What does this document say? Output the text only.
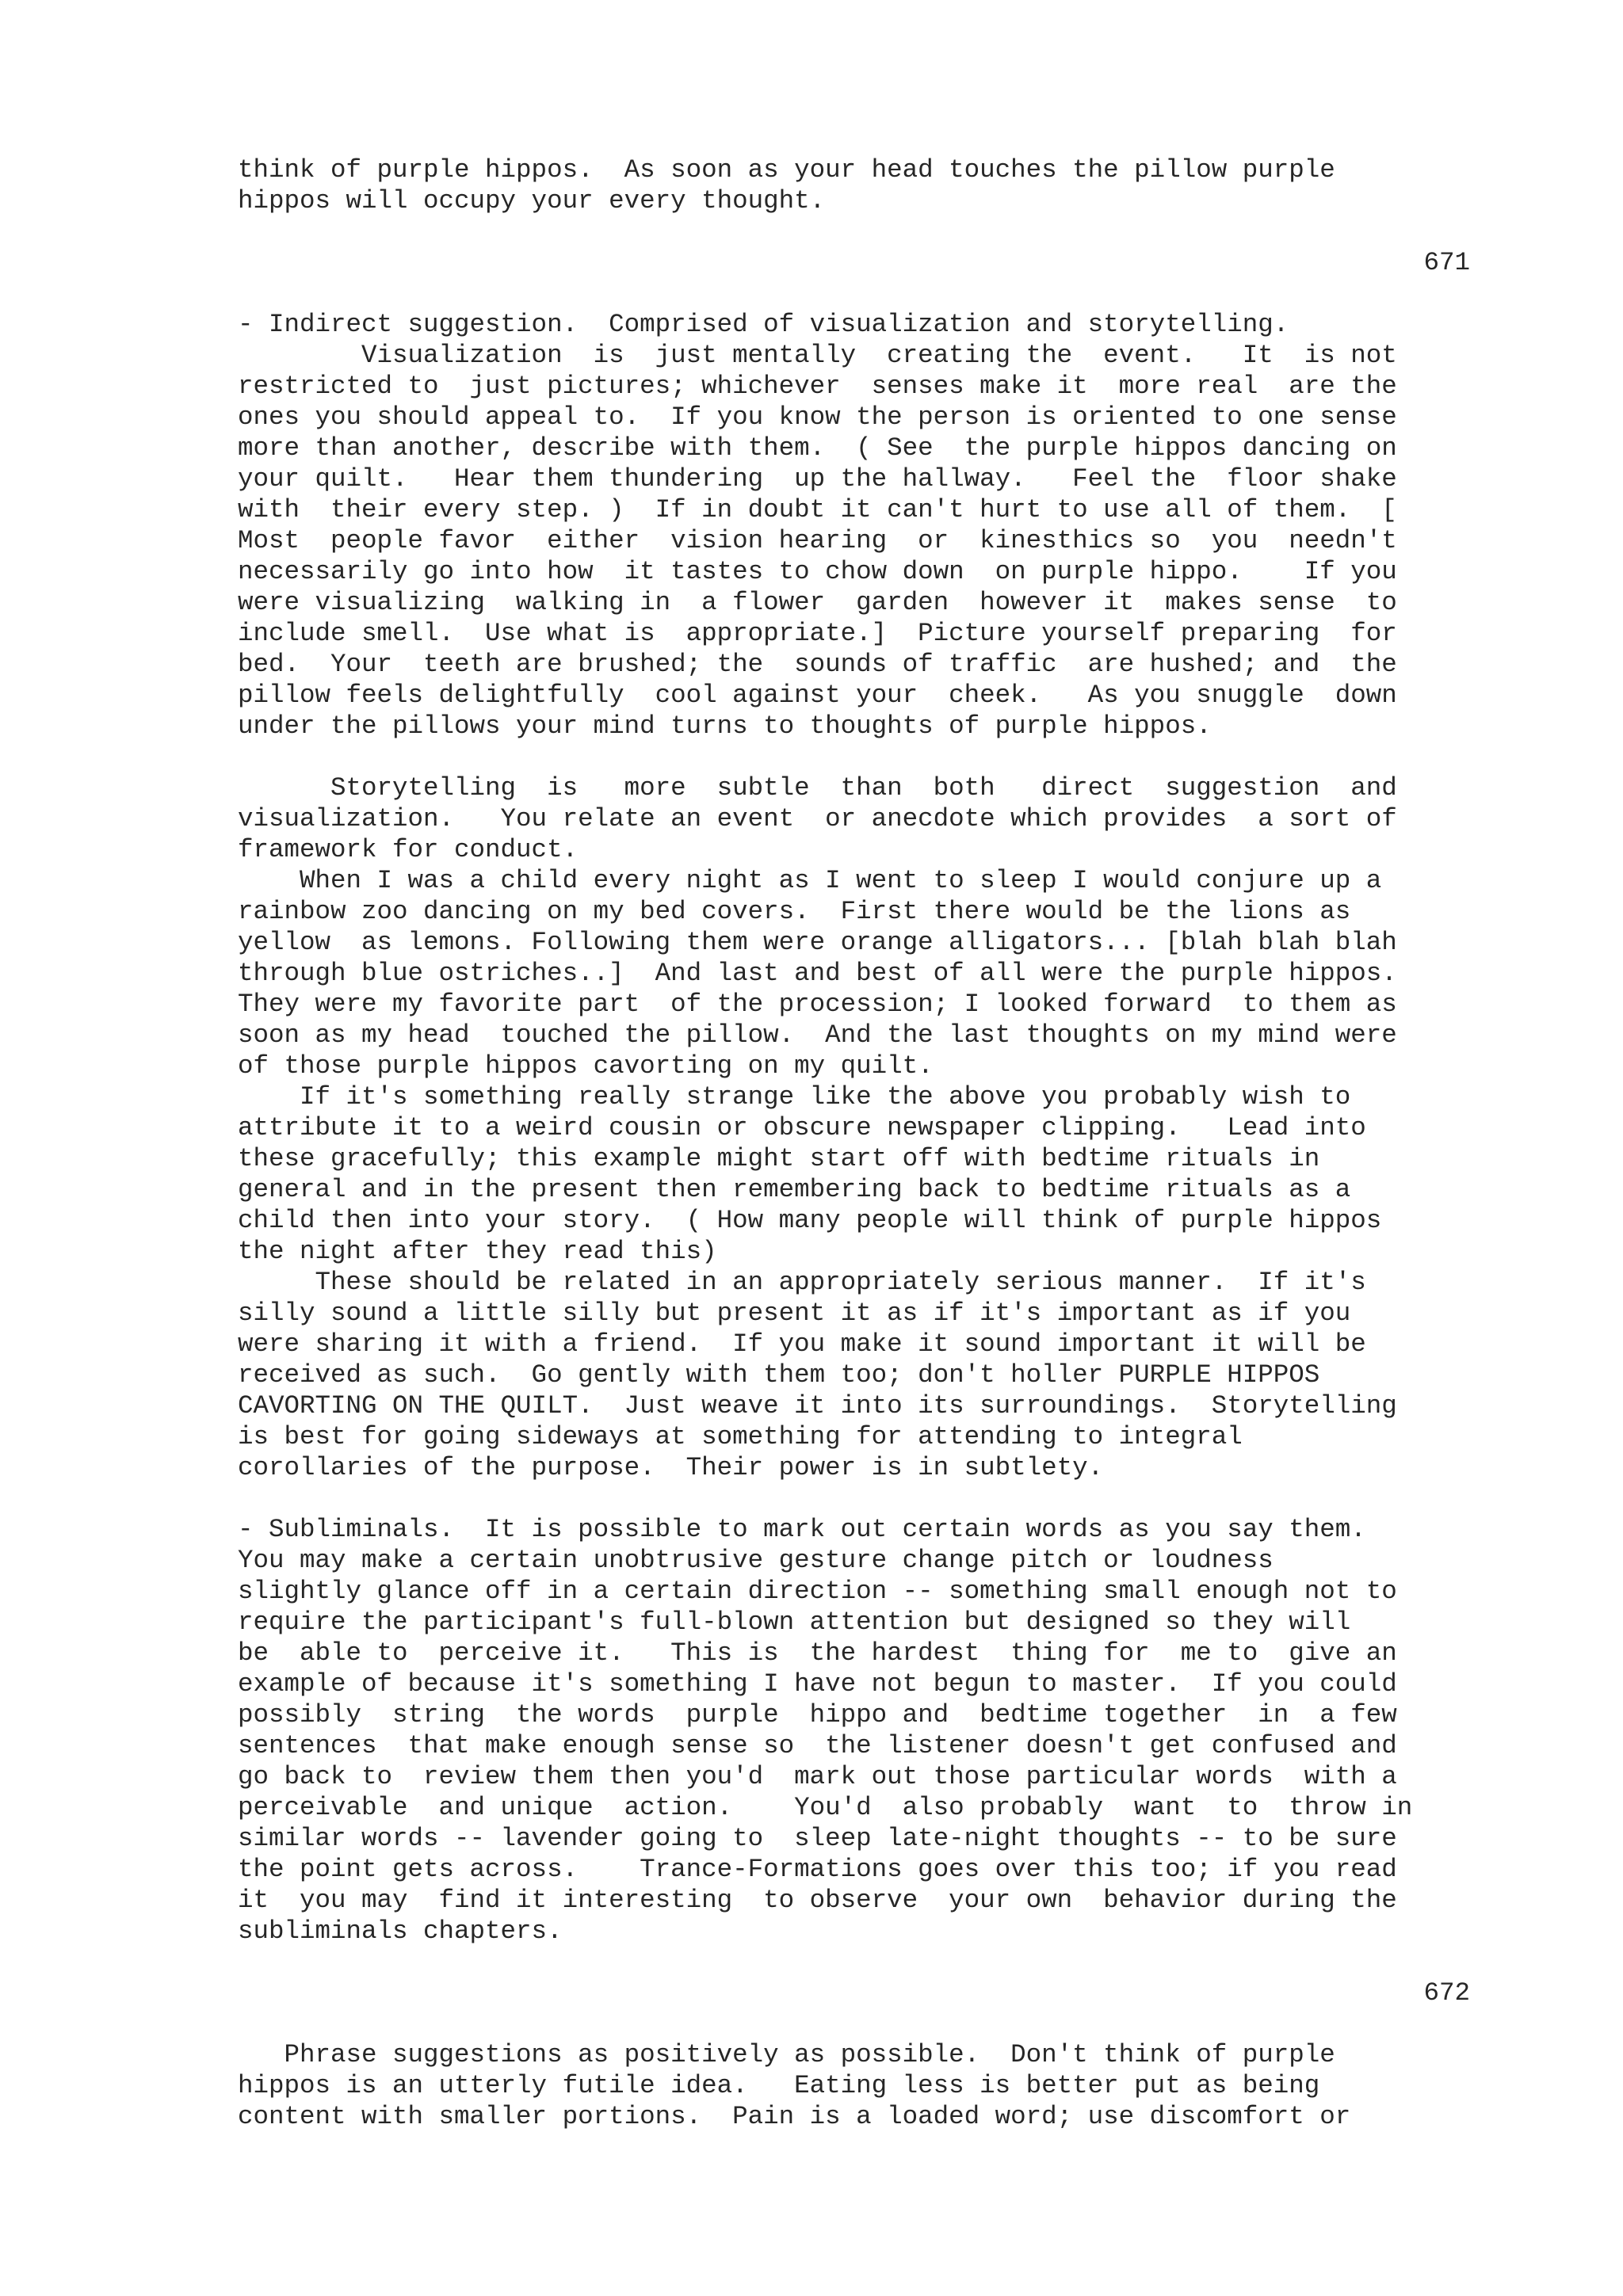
think of purple hippos.  As soon as your head touches the pillow purple
hippos will occupy your every thought.
671
- Indirect suggestion.  Comprised of visualization and storytelling.
Visualization  is  just mentally  creating the  event.   It  is not
restricted to  just pictures; whichever  senses make it  more real  are the
ones you should appeal to.  If you know the person is oriented to one sense
more than another, describe with them.  ( See  the purple hippos dancing on
your quilt.   Hear them thundering  up the hallway.   Feel the  floor shake
with  their every step. )  If in doubt it can't hurt to use all of them.  [
Most  people favor  either  vision hearing  or  kinesthics so  you  needn't
necessarily go into how  it tastes to chow down  on purple hippo.    If you
were visualizing  walking in  a flower  garden  however it  makes sense  to
include smell.  Use what is  appropriate.]  Picture yourself preparing  for
bed.  Your  teeth are brushed; the  sounds of traffic  are hushed; and  the
pillow feels delightfully  cool against your  cheek.   As you snuggle  down
under the pillows your mind turns to thoughts of purple hippos.
Storytelling  is   more  subtle  than  both   direct  suggestion  and
visualization.   You relate an event  or anecdote which provides  a sort of
framework for conduct.
When I was a child every night as I went to sleep I would conjure up a
rainbow zoo dancing on my bed covers.  First there would be the lions as
yellow  as lemons. Following them were orange alligators... [blah blah blah
through blue ostriches..]  And last and best of all were the purple hippos.
They were my favorite part  of the procession; I looked forward  to them as
soon as my head  touched the pillow.  And the last thoughts on my mind were
of those purple hippos cavorting on my quilt.
If it's something really strange like the above you probably wish to
attribute it to a weird cousin or obscure newspaper clipping.   Lead into
these gracefully; this example might start off with bedtime rituals in
general and in the present then remembering back to bedtime rituals as a
child then into your story.  ( How many people will think of purple hippos
the night after they read this)
These should be related in an appropriately serious manner.  If it's
silly sound a little silly but present it as if it's important as if you
were sharing it with a friend.  If you make it sound important it will be
received as such.  Go gently with them too; don't holler PURPLE HIPPOS
CAVORTING ON THE QUILT.  Just weave it into its surroundings.  Storytelling
is best for going sideways at something for attending to integral
corollaries of the purpose.  Their power is in subtlety.
- Subliminals.  It is possible to mark out certain words as you say them.
You may make a certain unobtrusive gesture change pitch or loudness
slightly glance off in a certain direction -- something small enough not to
require the participant's full-blown attention but designed so they will
be  able to  perceive it.   This is  the hardest  thing for  me to  give an
example of because it's something I have not begun to master.  If you could
possibly  string  the words  purple  hippo and  bedtime together  in  a few
sentences  that make enough sense so  the listener doesn't get confused and
go back to  review them then you'd  mark out those particular words  with a
perceivable  and unique  action.    You'd  also probably  want  to  throw in
similar words -- lavender going to  sleep late-night thoughts -- to be sure
the point gets across.    Trance-Formations goes over this too; if you read
it  you may  find it interesting  to observe  your own  behavior during the
subliminals chapters.
672
Phrase suggestions as positively as possible.  Don't think of purple
hippos is an utterly futile idea.   Eating less is better put as being
content with smaller portions.  Pain is a loaded word; use discomfort or
